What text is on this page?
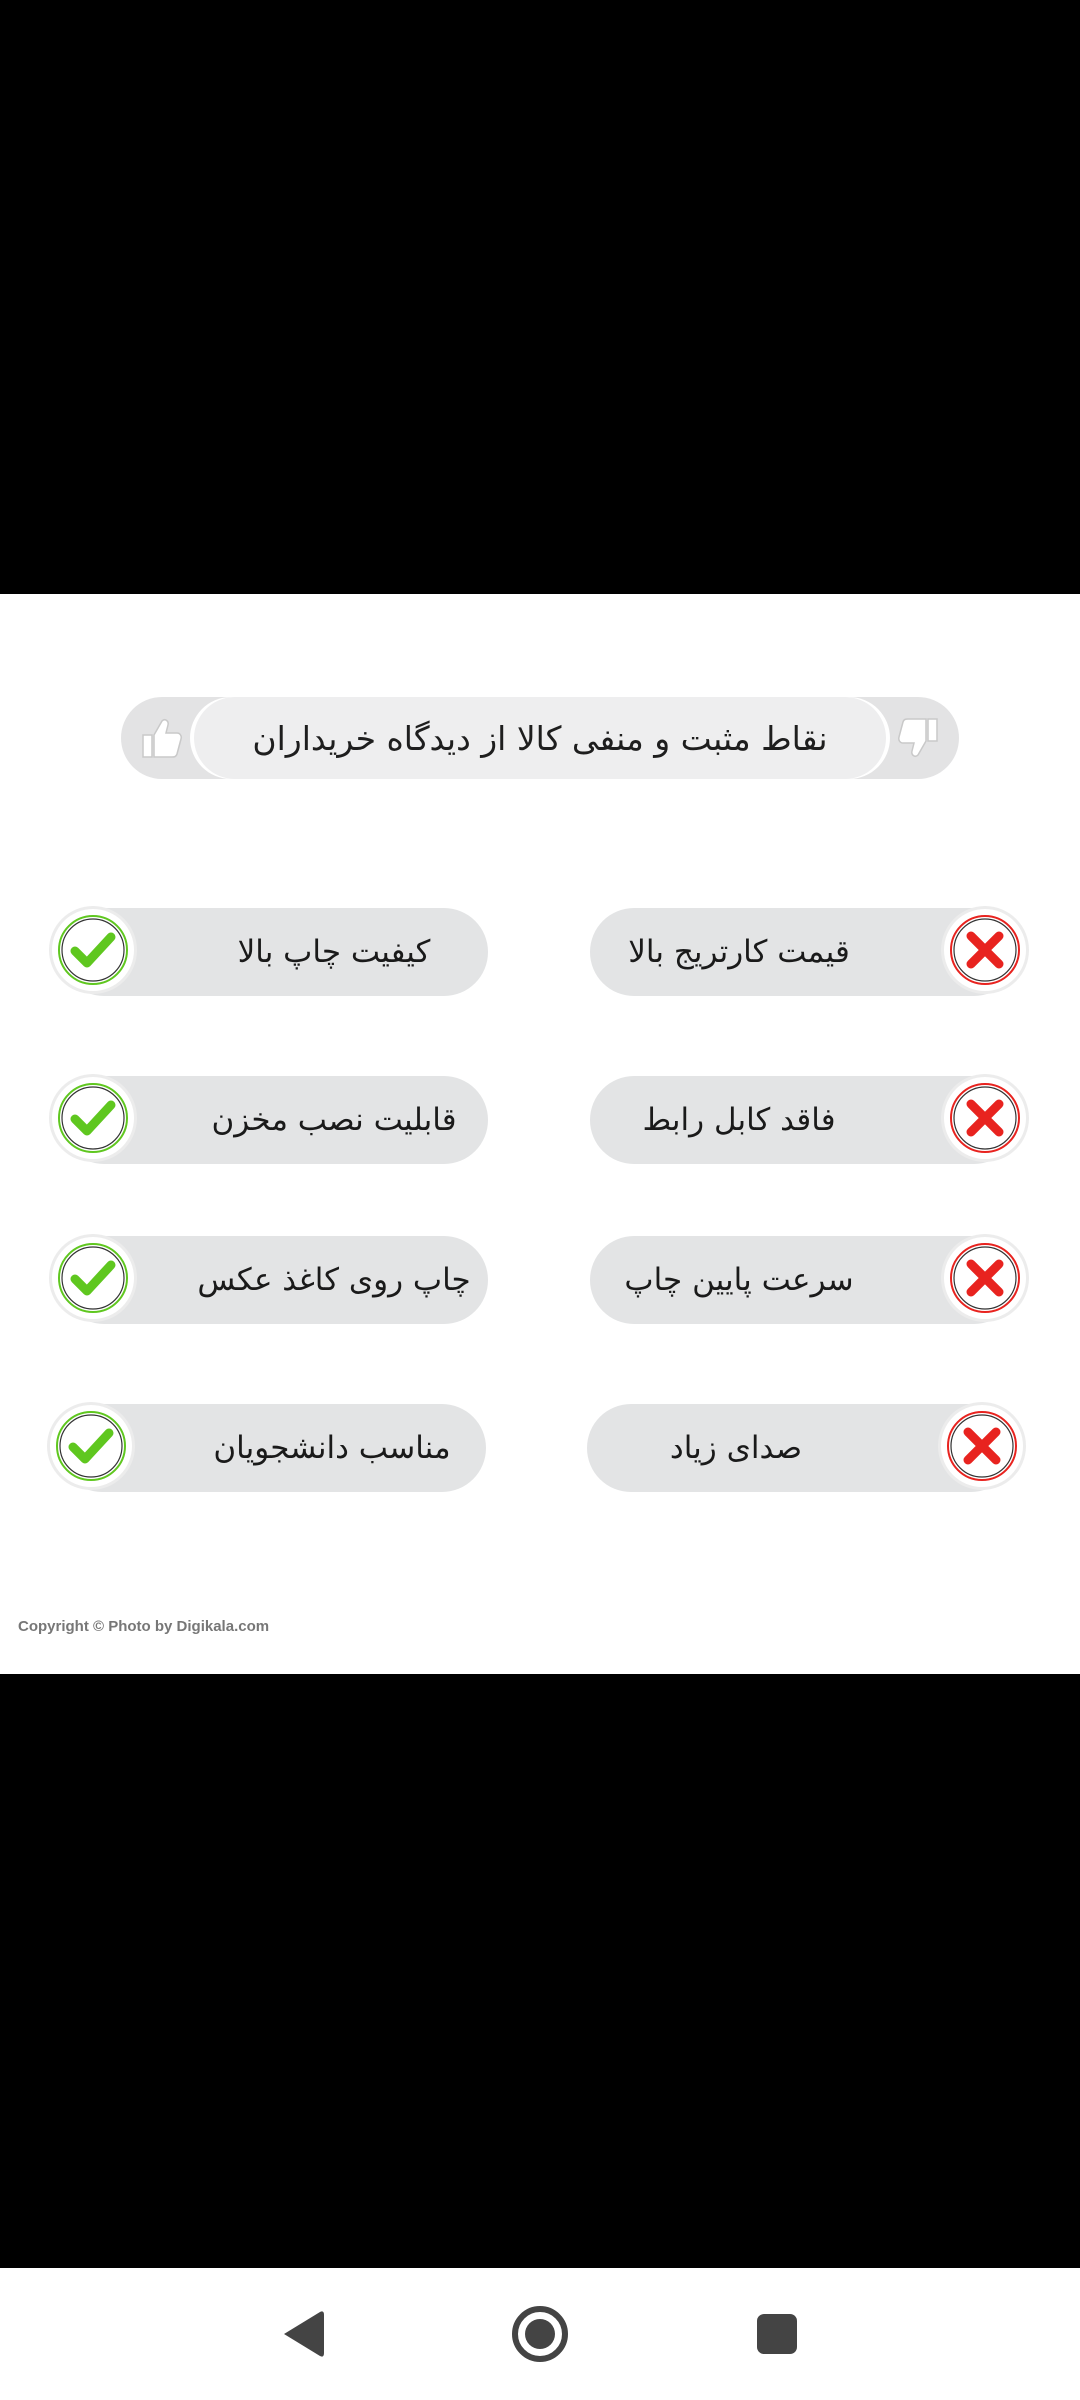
نقاط مثبت و منفی کالا از دیدگاه خریداران
کیفیت چاپ بالا
قابلیت نصب مخزن
چاپ روی کاغذ عکس
مناسب دانشجویان
قیمت کارتریج بالا
فاقد کابل رابط
سرعت پایین چاپ
صدای زیاد
Copyright © Photo by Digikala.com
